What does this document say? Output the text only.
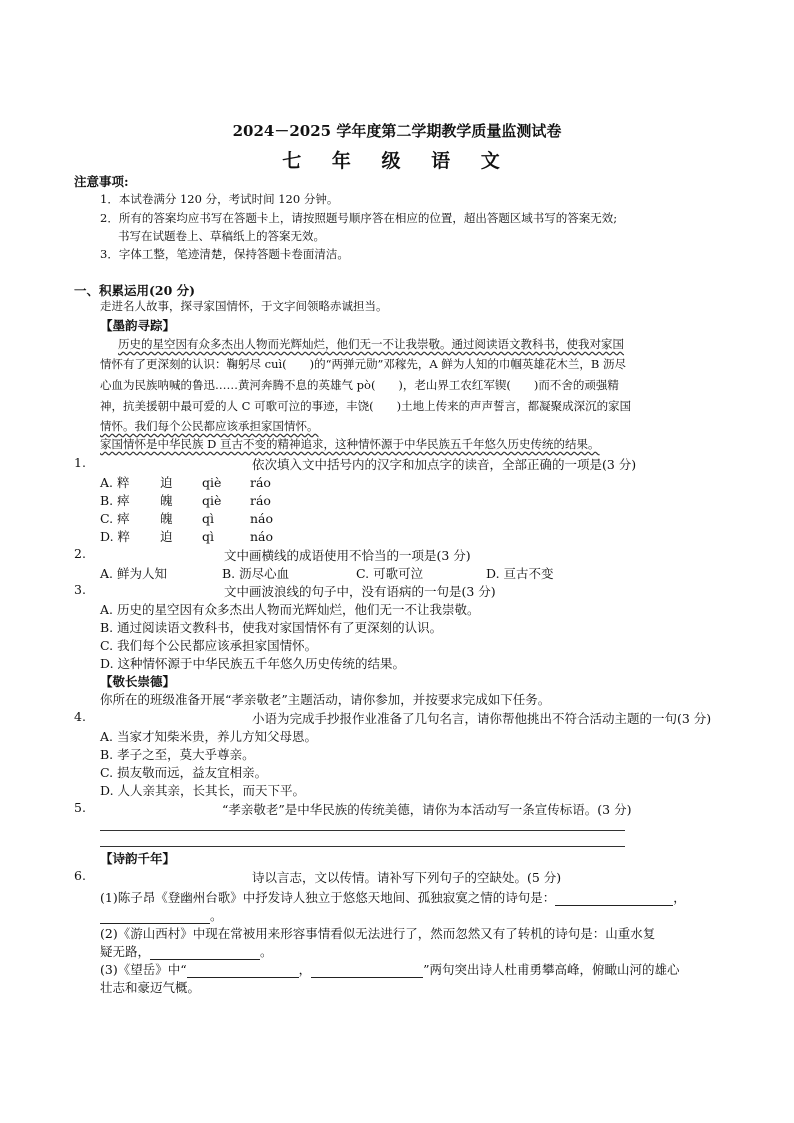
2024－2025 学年度第二学期教学质量监测试卷
七 年 级 语 文
注意事项:
1．本试卷满分 120 分，考试时间 120 分钟。
2．所有的答案均应书写在答题卡上，请按照题号顺序答在相应的位置，超出答题区域书写的答案无效;
书写在试题卷上、草稿纸上的答案无效。
3．字体工整，笔迹清楚，保持答题卡卷面清洁。
一、积累运用(20 分)
走进名人故事，探寻家国情怀，于文字间领略赤诚担当。
【墨韵寻踪】
历史的星空因有众多杰出人物而光辉灿烂，他们无一不让我崇敬。通过阅读语文教科书，使我对家国
情怀有了更深刻的认识：鞠躬尽 cuì(　　)的“两弹元勋”邓稼先，A 鲜为人知的巾帼英雄花木兰，B 沥尽
心血为民族呐喊的鲁迅……黄河奔腾不息的英雄气 pò(　　)，老山界工农红军锲(　　)而不舍的顽强精
神，抗美援朝中最可爱的人 C 可歌可泣的事迹，丰饶(　　)土地上传来的声声誓言，都凝聚成深沉的家国
情怀。我们每个公民都应该承担家国情怀。
家国情怀是中华民族 D 亘古不变的精神追求，这种情怀源于中华民族五千年悠久历史传统的结果。
1.	依次填入文中括号内的汉字和加点字的读音，全部正确的一项是(3 分)
A. 粹 迫 qiè ráo
B. 瘁 魄 qiè ráo
C. 瘁 魄 qì	náo
D. 粹 迫 qì	náo
2.	文中画横线的成语使用不恰当的一项是(3 分)
A. 鲜为人知	B. 沥尽心血	C. 可歌可泣	D. 亘古不变
3.	文中画波浪线的句子中，没有语病的一句是(3 分)
A. 历史的星空因有众多杰出人物而光辉灿烂，他们无一不让我崇敬。
B. 通过阅读语文教科书，使我对家国情怀有了更深刻的认识。
C. 我们每个公民都应该承担家国情怀。
D. 这种情怀源于中华民族五千年悠久历史传统的结果。
【敬长崇德】
你所在的班级准备开展“孝亲敬老”主题活动，请你参加，并按要求完成如下任务。
4.	小语为完成手抄报作业准备了几句名言，请你帮他挑出不符合活动主题的一句(3 分)
A. 当家才知柴米贵，养儿方知父母恩。
B. 孝子之至，莫大乎尊亲。
C. 损友敬而远，益友宜相亲。
D. 人人亲其亲，长其长，而天下平。
5.	“孝亲敬老”是中华民族的传统美德，请你为本活动写一条宣传标语。(3 分)
【诗韵千年】
6.	诗以言志，文以传情。请补写下列句子的空缺处。(5 分)
(1)陈子昂《登幽州台歌》中抒发诗人独立于悠悠天地间、孤独寂寞之情的诗句是：	，
。
(2)《游山西村》中现在常被用来形容事情看似无法进行了，然而忽然又有了转机的诗句是：山重水复
疑无路，	。
(3)《望岳》中“	，	”两句突出诗人杜甫勇攀高峰，俯瞰山河的雄心
壮志和豪迈气概。
